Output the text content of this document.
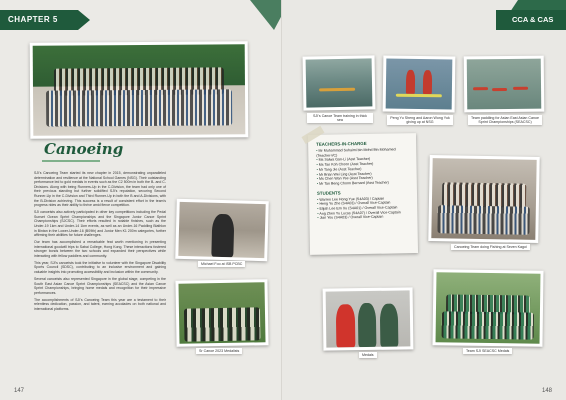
CHAPTER 5
Canoeing

SJI's Canoeing Team started its new chapter in 2015, demonstrating unparalleled determination and resilience at the National School Games (NSG). Their outstanding performance led to gold medals in events such as the C2 500m in both the B- and C-Divisions. Along with being Runners-Up in the C-Division, the team had only one of their previous standing but further solidified SJI's reputation, securing Second Runner-Up in the C-Division and Third Runner-Up in both the B and A-Divisions, with the B-Division achieving. This success is a result of consistent effort in the team's progress rides as their ability to thrive amid fierce competition.

SJI canoeists also actively participated in other key competitions including the Pedal Sunset Ocean Sprint Championships and the Singapore Junior Canoe Sprint Championships (SJCSC). Their efforts resulted in notable finishes, such as the Under-19 1km and Under-14 1km events, as well as an Under-16 Paddling Biathlon in Bintan in the Lower-Under-16 (B09th) and Junior Men K1 200m categories, further affirming their abilities for future challenges.

Our team has accomplished a remarkable feat worth mentioning in presenting international goodwill trips to Sabai College, Hong Kong. These interactions fostered stronger bonds between the two schools and expanded their perspectives while interacting with fellow paddlers and community.

This year, SJI's canoeists took the initiative to volunteer with the Singapore Disability Sports Council (SDSC), contributing to an inclusive environment and gaining valuable insights into promoting accessibility and inclusion within the community.

Several canoeists also represented Singapore in the global stage, competing in the South East Asian Canoe Sprint Championships (SEACSC) and the Asian Canoe Sprint Championships, bringing home medals and recognition for their impressive performances.

The accomplishments of SJI's Canoeing Team this year are a testament to their relentless dedication, passion, and talent, earning accolades on both national and international platforms.

Michael Foo at ISB PCBC
Sr Canoe 2023 Medalists
147
CCA & CAS
SJI's Canoe Team training in thick sea	Peng Yu Sheng and Aaron Wong Yuk giving up at NSG
Team paddling for Asian East Asian Canoe Sprint Championships (SEACSC)
TEACHERS-IN-CHARGE
• Mr Muhammad Suhaimi bin Mohd Bin Mohamed (Teacher-I/C)
• Ms Salwa Gan-Li (Asst Teacher)
• Ms Tan Koh Choon (Asst Teacher)
• Mr Tang Jie (Asst Teacher)
• Mr Brian Wei Ling (Asst Teacher)
• Ms Chen Wan Yee (Asst Teacher)
• Mr Tan Beng Choon Bernard (Asst Teacher)
STUDENTS
• Warren Lee Hong Yue (S4A03) / Captain
• Heng Yu Zhe (S4A03) / Overall Vice-Captain
• Elijah Lee Ern Xu (S4A01) / Overall Vice-Captain
• Ang Zhen Yu Lucas (S4A07) / Overall Vice-Captain
• Jian You (S4A03) / Overall Vice-Captain
Canoeing Team doing Fishing at Seven Kagoi
Medals
Team SJI SEACSC Medals
148
